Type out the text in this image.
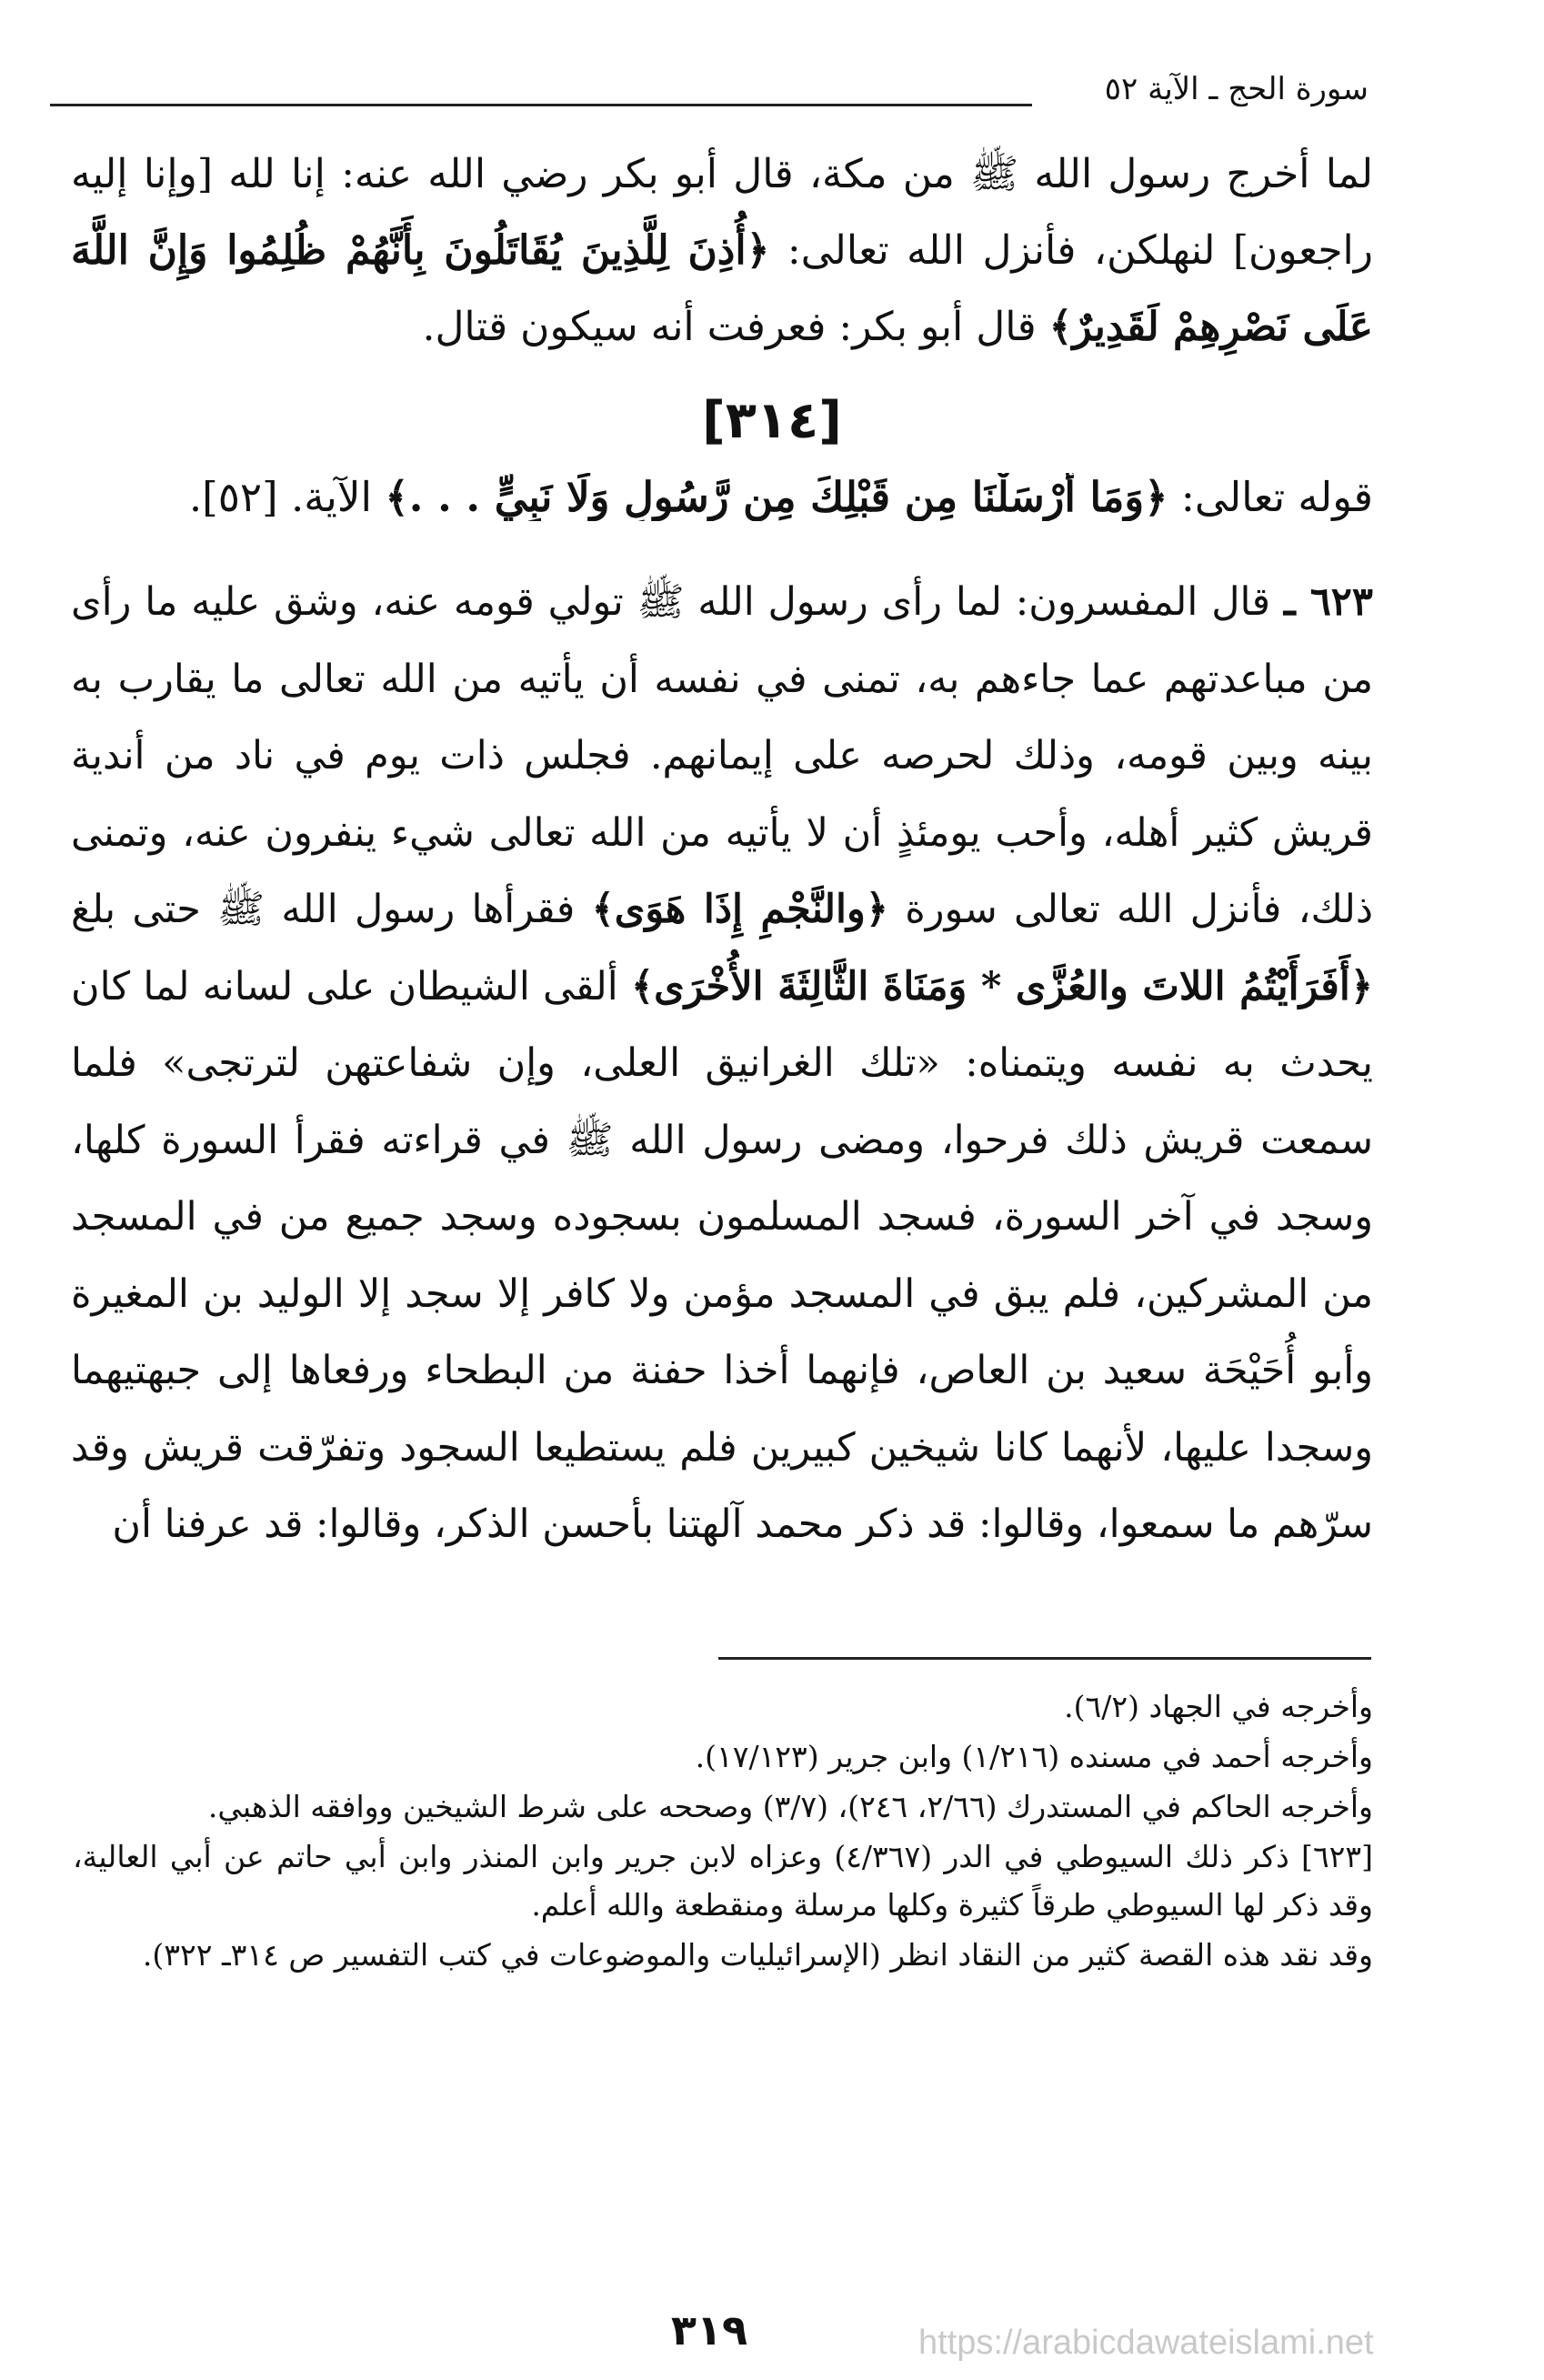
سورة الحج ـ الآية ٥٢
لما أخرج رسول الله ﷺ من مكة، قال أبو بكر رضي الله عنه: إنا لله [وإنا إليه راجعون] لنهلكن، فأنزل الله تعالى: ﴿أُذِنَ لِلَّذِينَ يُقَاتَلُونَ بِأَنَّهُمْ ظُلِمُوا وَإِنَّ اللَّهَ عَلَى نَصْرِهِمْ لَقَدِيرٌ﴾ قال أبو بكر: فعرفت أنه سيكون قتال.
[٣١٤]
قوله تعالى: ﴿وَمَا أَرْسَلْنَا مِن قَبْلِكَ مِن رَّسُولٍ وَلَا نَبِيٍّ . . .﴾ الآية. [٥٢].
٦٢٣ ـ قال المفسرون: لما رأى رسول الله ﷺ تولي قومه عنه، وشق عليه ما رأى من مباعدتهم عما جاءهم به، تمنى في نفسه أن يأتيه من الله تعالى ما يقارب به بينه وبين قومه، وذلك لحرصه على إيمانهم. فجلس ذات يوم في ناد من أندية قريش كثير أهله، وأحب يومئذٍ أن لا يأتيه من الله تعالى شيء ينفرون عنه، وتمنى ذلك، فأنزل الله تعالى سورة ﴿والنَّجْمِ إِذَا هَوَى﴾ فقرأها رسول الله ﷺ حتى بلغ ﴿أَفَرَأَيْتُمُ اللاتَ والعُزَّى * وَمَنَاةَ الثَّالِثَةَ الأُخْرَى﴾ ألقى الشيطان على لسانه لما كان يحدث به نفسه ويتمناه: «تلك الغرانيق العلى، وإن شفاعتهن لترتجى» فلما سمعت قريش ذلك فرحوا، ومضى رسول الله ﷺ في قراءته فقرأ السورة كلها، وسجد في آخر السورة، فسجد المسلمون بسجوده وسجد جميع من في المسجد من المشركين، فلم يبق في المسجد مؤمن ولا كافر إلا سجد إلا الوليد بن المغيرة وأبو أُحَيْحَة سعيد بن العاص، فإنهما أخذا حفنة من البطحاء ورفعاها إلى جبهتيهما وسجدا عليها، لأنهما كانا شيخين كبيرين فلم يستطيعا السجود وتفرّقت قريش وقد سرّهم ما سمعوا، وقالوا: قد ذكر محمد آلهتنا بأحسن الذكر، وقالوا: قد عرفنا أن

وأخرجه في الجهاد (٦/٢).

وأخرجه أحمد في مسنده (١/٢١٦) وابن جرير (١٧/١٢٣).

وأخرجه الحاكم في المستدرك (٢/٦٦، ٢٤٦)، (٣/٧) وصححه على شرط الشيخين ووافقه الذهبي.

[٦٢٣] ذكر ذلك السيوطي في الدر (٤/٣٦٧) وعزاه لابن جرير وابن المنذر وابن أبي حاتم عن أبي العالية، وقد ذكر لها السيوطي طرقاً كثيرة وكلها مرسلة ومنقطعة والله أعلم.

وقد نقد هذه القصة كثير من النقاد انظر (الإسرائيليات والموضوعات في كتب التفسير ص ٣١٤ـ ٣٢٢).

٣١٩	https://arabicdawateislami.net
